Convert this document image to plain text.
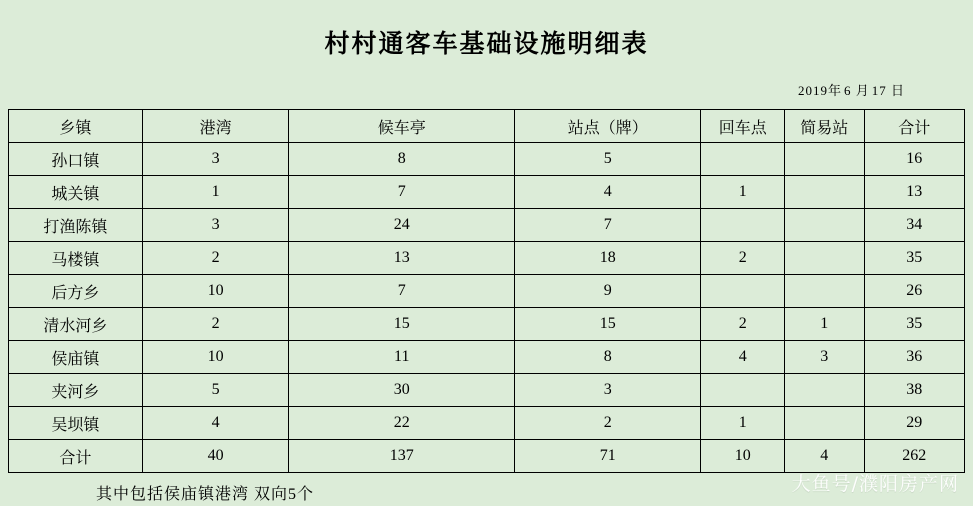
村村通客车基础设施明细表
2019年 6 月 17 日
乡镇	港湾	候车亭	站点（牌）	回车点	简易站	合计
孙口镇	3	8	5			16
城关镇	1	7	4	1		13
打渔陈镇	3	24	7			34
马楼镇	2	13	18	2		35
后方乡	10	7	9			26
清水河乡	2	15	15	2	1	35
侯庙镇	10	11	8	4	3	36
夹河乡	5	30	3			38
吴坝镇	4	22	2	1		29
合计	40	137	71	10	4	262
其中包括侯庙镇港湾 双向5个	大鱼号/濮阳房产网
